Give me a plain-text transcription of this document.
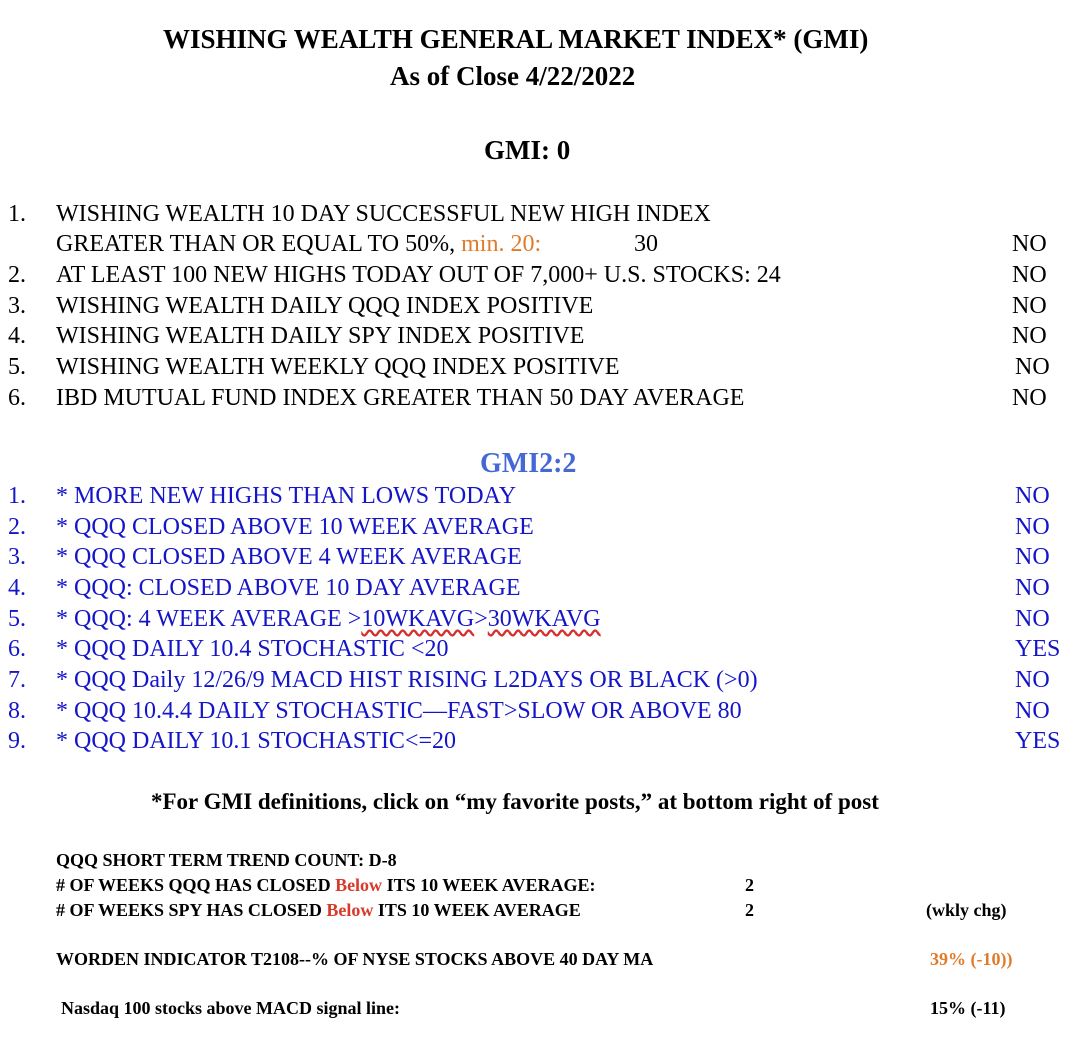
WISHING WEALTH GENERAL MARKET INDEX* (GMI)
As of Close 4/22/2022
GMI: 0
1. WISHING WEALTH 10 DAY SUCCESSFUL NEW HIGH INDEX
GREATER THAN OR EQUAL TO 50%, min. 20:	30	NO
2. AT LEAST 100 NEW HIGHS TODAY OUT OF 7,000+ U.S. STOCKS: 24	NO
3. WISHING WEALTH DAILY QQQ INDEX POSITIVE	NO
4. WISHING WEALTH DAILY SPY INDEX POSITIVE	NO
5. WISHING WEALTH WEEKLY QQQ INDEX POSITIVE	NO
6. IBD MUTUAL FUND INDEX GREATER THAN 50 DAY AVERAGE	NO
GMI2:2
1. * MORE NEW HIGHS THAN LOWS TODAY	NO
2. * QQQ CLOSED ABOVE 10 WEEK AVERAGE	NO
3. * QQQ CLOSED ABOVE 4 WEEK AVERAGE	NO
4. * QQQ: CLOSED ABOVE 10 DAY AVERAGE	NO
5. * QQQ: 4 WEEK AVERAGE >10WKAVG>30WKAVG	NO
6. * QQQ DAILY 10.4 STOCHASTIC <20	YES
7. * QQQ Daily 12/26/9 MACD HIST RISING L2DAYS OR BLACK (>0)	NO
8. * QQQ 10.4.4 DAILY STOCHASTIC—FAST>SLOW OR ABOVE 80	NO
9. * QQQ DAILY 10.1 STOCHASTIC<=20	YES
*For GMI definitions, click on “my favorite posts,” at bottom right of post
QQQ SHORT TERM TREND COUNT: D-8
# OF WEEKS QQQ HAS CLOSED Below ITS 10 WEEK AVERAGE:	2
# OF WEEKS SPY HAS CLOSED Below ITS 10 WEEK AVERAGE	2	(wkly chg)
WORDEN INDICATOR T2108--% OF NYSE STOCKS ABOVE 40 DAY MA	39% (-10))
Nasdaq 100 stocks above MACD signal line:	15% (-11)
